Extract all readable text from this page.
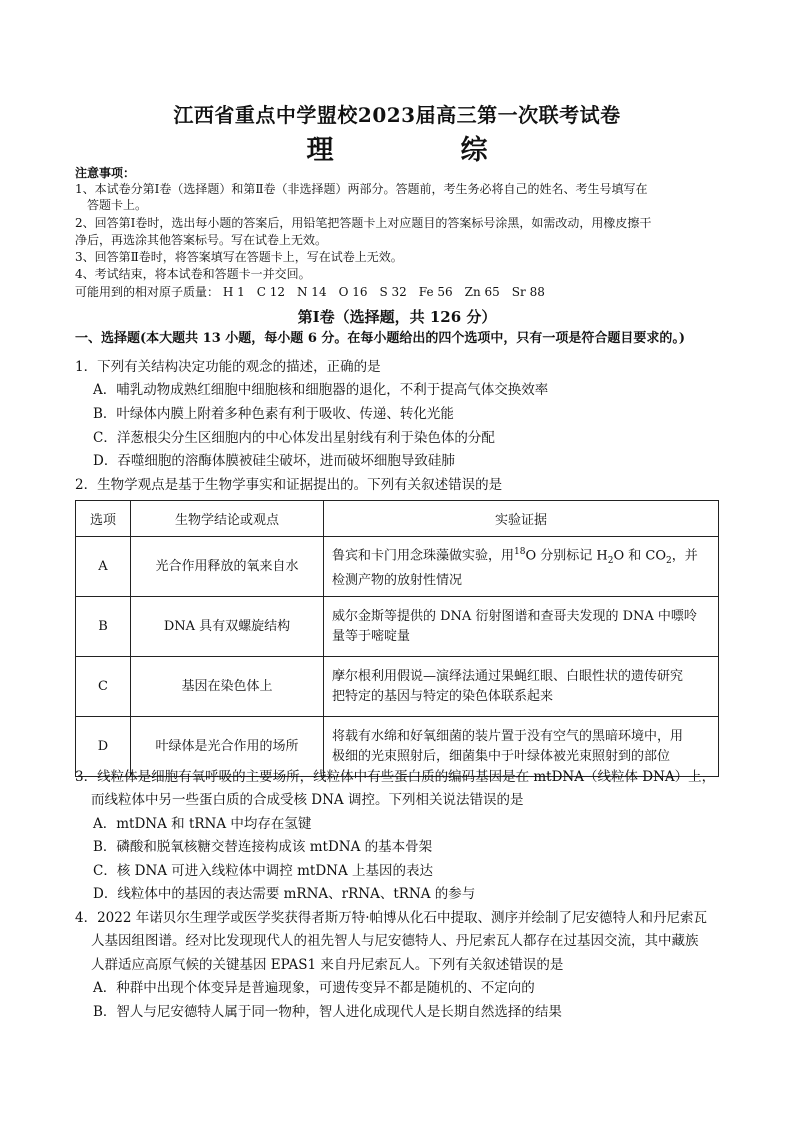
江西省重点中学盟校2023届高三第一次联考试卷
理　综
注意事项：
1、本试卷分第Ⅰ卷（选择题）和第Ⅱ卷（非选择题）两部分。答题前，考生务必将自己的姓名、考生号填写在
答题卡上。
2、回答第Ⅰ卷时，选出每小题的答案后，用铅笔把答题卡上对应题目的答案标号涂黑，如需改动，用橡皮擦干
净后，再选涂其他答案标号。写在试卷上无效。
3、回答第Ⅱ卷时，将答案填写在答题卡上，写在试卷上无效。
4、考试结束，将本试卷和答题卡一并交回。
可能用到的相对原子质量： H 1　C 12　N 14　O 16　S 32　Fe 56　Zn 65　Sr 88
第Ⅰ卷（选择题，共 126 分）
一、选择题(本大题共 13 小题，每小题 6 分。在每小题给出的四个选项中，只有一项是符合题目要求的。)
1．下列有关结构决定功能的观念的描述，正确的是
A．哺乳动物成熟红细胞中细胞核和细胞器的退化，不利于提高气体交换效率
B．叶绿体内膜上附着多种色素有利于吸收、传递、转化光能
C．洋葱根尖分生区细胞内的中心体发出星射线有利于染色体的分配
D．吞噬细胞的溶酶体膜被硅尘破坏，进而破坏细胞导致硅肺
2．生物学观点是基于生物学事实和证据提出的。下列有关叙述错误的是
选项	生物学结论或观点	实验证据
A	光合作用释放的氧来自水	鲁宾和卡门用念珠藻做实验，用$^{18}$O 分别标记 $H_2O$ 和 $CO_2$，并
检测产物的放射性情况
B	DNA 具有双螺旋结构	威尔金斯等提供的 DNA 衍射图谱和查哥夫发现的 DNA 中嘌呤
量等于嘧啶量
C	基因在染色体上	摩尔根利用假说—演绎法通过果蝇红眼、白眼性状的遗传研究
把特定的基因与特定的染色体联系起来
D	叶绿体是光合作用的场所	将载有水绵和好氧细菌的装片置于没有空气的黑暗环境中，用
极细的光束照射后，细菌集中于叶绿体被光束照射到的部位
3．线粒体是细胞有氧呼吸的主要场所，线粒体中有些蛋白质的编码基因是在 mtDNA（线粒体 DNA）上，
而线粒体中另一些蛋白质的合成受核 DNA 调控。下列相关说法错误的是
A．mtDNA 和 tRNA 中均存在氢键
B．磷酸和脱氧核糖交替连接构成该 mtDNA 的基本骨架
C．核 DNA 可进入线粒体中调控 mtDNA 上基因的表达
D．线粒体中的基因的表达需要 mRNA、rRNA、tRNA 的参与
4．2022 年诺贝尔生理学或医学奖获得者斯万特·帕博从化石中提取、测序并绘制了尼安德特人和丹尼索瓦
人基因组图谱。经对比发现现代人的祖先智人与尼安德特人、丹尼索瓦人都存在过基因交流，其中藏族
人群适应高原气候的关键基因 EPAS1 来自丹尼索瓦人。下列有关叙述错误的是
A．种群中出现个体变异是普遍现象，可遗传变异不都是随机的、不定向的
B．智人与尼安德特人属于同一物种，智人进化成现代人是长期自然选择的结果
